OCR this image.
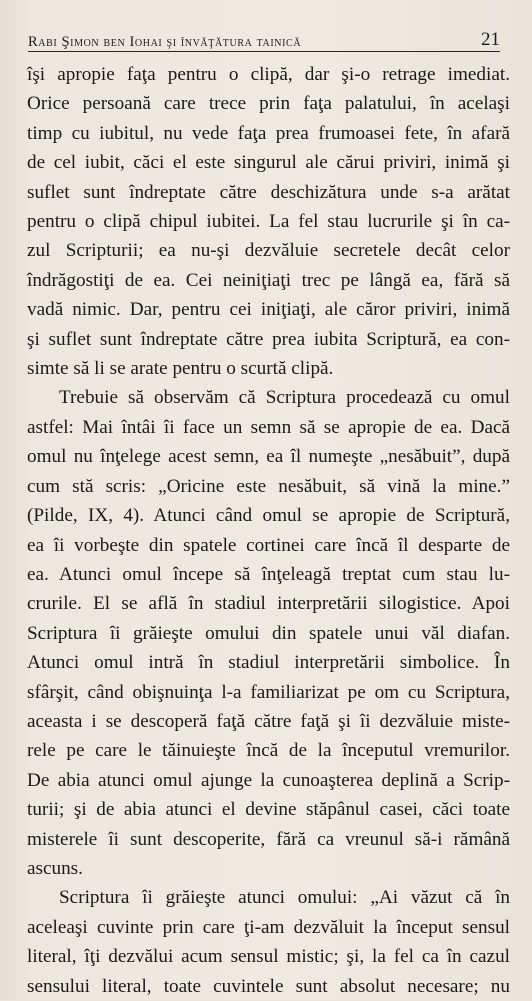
Rabi Şimon ben Iohai şi învăţătura tainică	21

îşi apropie faţa pentru o clipă, dar şi-o retrage imediat.
Orice persoană care trece prin faţa palatului, în acelaşi
timp cu iubitul, nu vede faţa prea frumoasei fete, în afară
de cel iubit, căci el este singurul ale cărui priviri, inimă şi
suflet sunt îndreptate către deschizătura unde s-a arătat
pentru o clipă chipul iubitei. La fel stau lucrurile şi în ca-
zul Scripturii; ea nu-şi dezvăluie secretele decât celor
îndrăgostiţi de ea. Cei neiniţiaţi trec pe lângă ea, fără să
vadă nimic. Dar, pentru cei iniţiaţi, ale căror priviri, inimă
şi suflet sunt îndreptate către prea iubita Scriptură, ea con-
simte să li se arate pentru o scurtă clipă.

Trebuie să observăm că Scriptura procedează cu omul
astfel: Mai întâi îi face un semn să se apropie de ea. Dacă
omul nu înţelege acest semn, ea îl numeşte „nesăbuit”, după
cum stă scris: „Oricine este nesăbuit, să vină la mine.”
(Pilde, IX, 4). Atunci când omul se apropie de Scriptură,
ea îi vorbeşte din spatele cortinei care încă îl desparte de
ea. Atunci omul începe să înţeleagă treptat cum stau lu-
crurile. El se află în stadiul interpretării silogistice. Apoi
Scriptura îi grăieşte omului din spatele unui văl diafan.
Atunci omul intră în stadiul interpretării simbolice. În
sfârşit, când obişnuinţa l-a familiarizat pe om cu Scriptura,
aceasta i se descoperă faţă către faţă şi îi dezvăluie miste-
rele pe care le tăinuieşte încă de la începutul vremurilor.
De abia atunci omul ajunge la cunoaşterea deplină a Scrip-
turii; şi de abia atunci el devine stăpânul casei, căci toate
misterele îi sunt descoperite, fără ca vreunul să-i rămână
ascuns.

Scriptura îi grăieşte atunci omului: „Ai văzut că în
aceleaşi cuvinte prin care ţi-am dezvăluit la început sensul
literal, îţi dezvălui acum sensul mistic; şi, la fel ca în cazul
sensului literal, toate cuvintele sunt absolut necesare; nu
